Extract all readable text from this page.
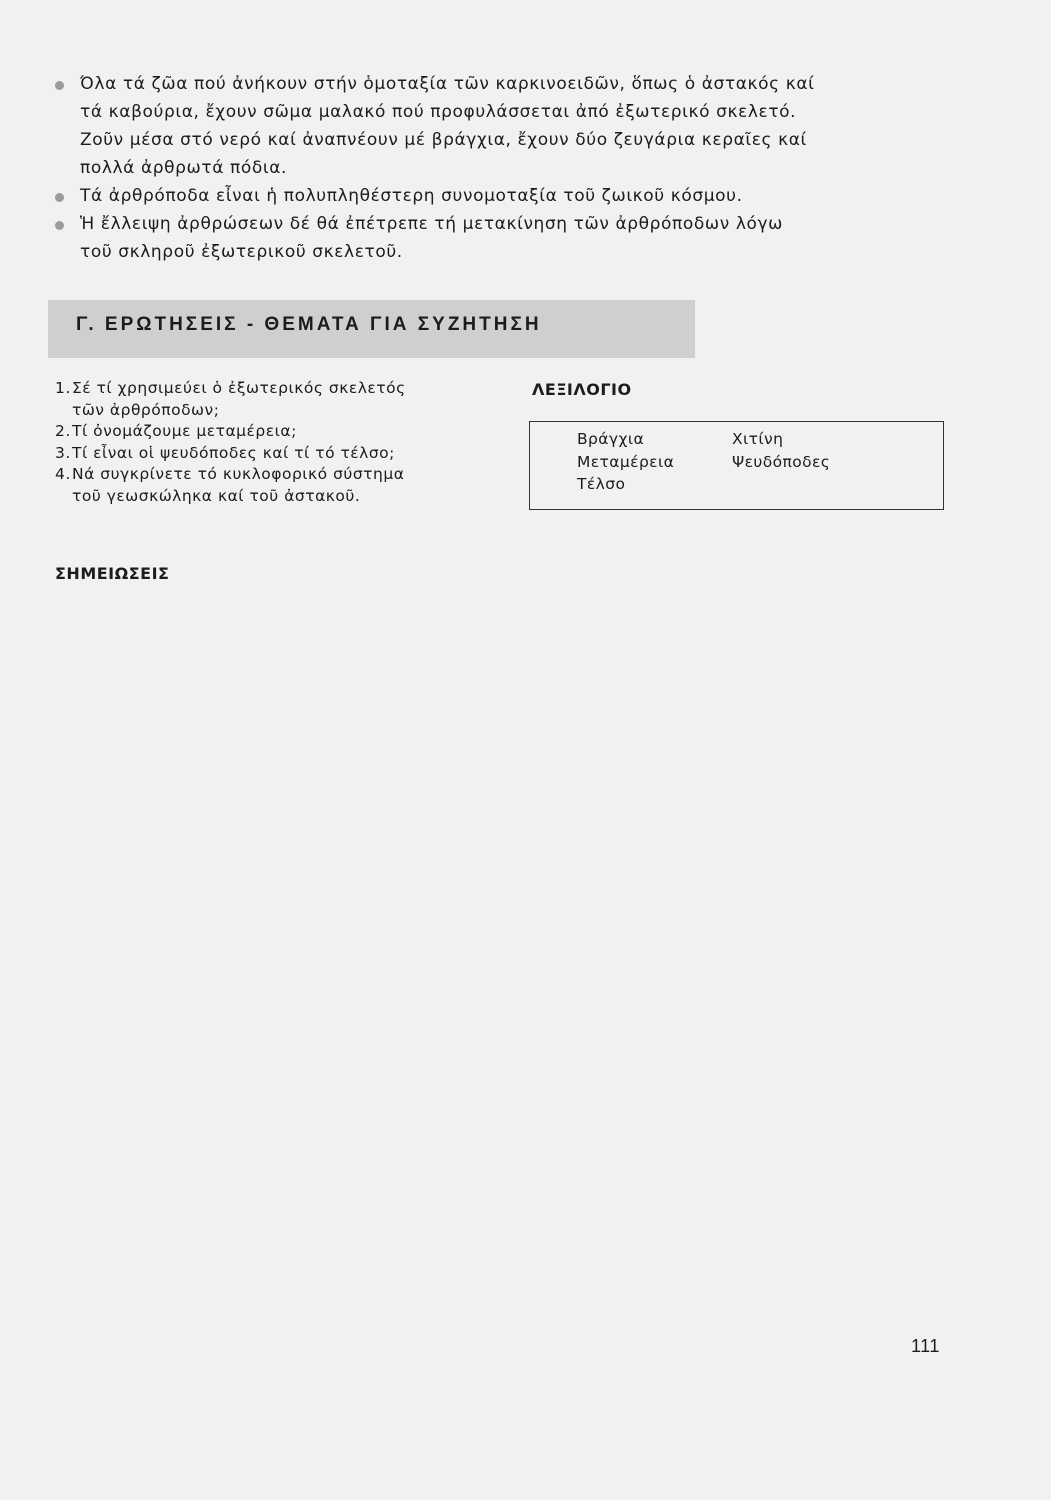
Όλα τά ζῶα πού ἀνήκουν στήν ὁμοταξία τῶν καρκινοειδῶν, ὅπως ὁ ἀστακός καί
τά καβούρια, ἔχουν σῶμα μαλακό πού προφυλάσσεται ἀπό ἐξωτερικό σκελετό.
Ζοῦν μέσα στό νερό καί ἀναπνέουν μέ βράγχια, ἔχουν δύο ζευγάρια κεραῖες καί
πολλά ἀρθρωτά πόδια.
Τά ἀρθρόποδα εἶναι ἡ πολυπληθέστερη συνομοταξία τοῦ ζωικοῦ κόσμου.
Ἡ ἔλλειψη ἀρθρώσεων δέ θά ἐπέτρεπε τή μετακίνηση τῶν ἀρθρόποδων λόγω
τοῦ σκληροῦ ἐξωτερικοῦ σκελετοῦ.
Γ. ΕΡΩΤΗΣΕΙΣ - ΘΕΜΑΤΑ ΓΙΑ ΣΥΖΗΤΗΣΗ
1.Σέ τί χρησιμεύει ὁ ἐξωτερικός σκελετός
τῶν ἀρθρόποδων;
2.Τί ὀνομάζουμε μεταμέρεια;
3.Τί εἶναι οἱ ψευδόποδες καί τί τό τέλσο;
4.Νά συγκρίνετε τό κυκλοφορικό σύστημα
τοῦ γεωσκώληκα καί τοῦ ἀστακοῦ.
ΛΕΞΙΛΟΓΙΟ
Βράγχια
Μεταμέρεια
Τέλσο
Χιτίνη
Ψευδόποδες
ΣΗΜΕΙΩΣΕΙΣ
111
